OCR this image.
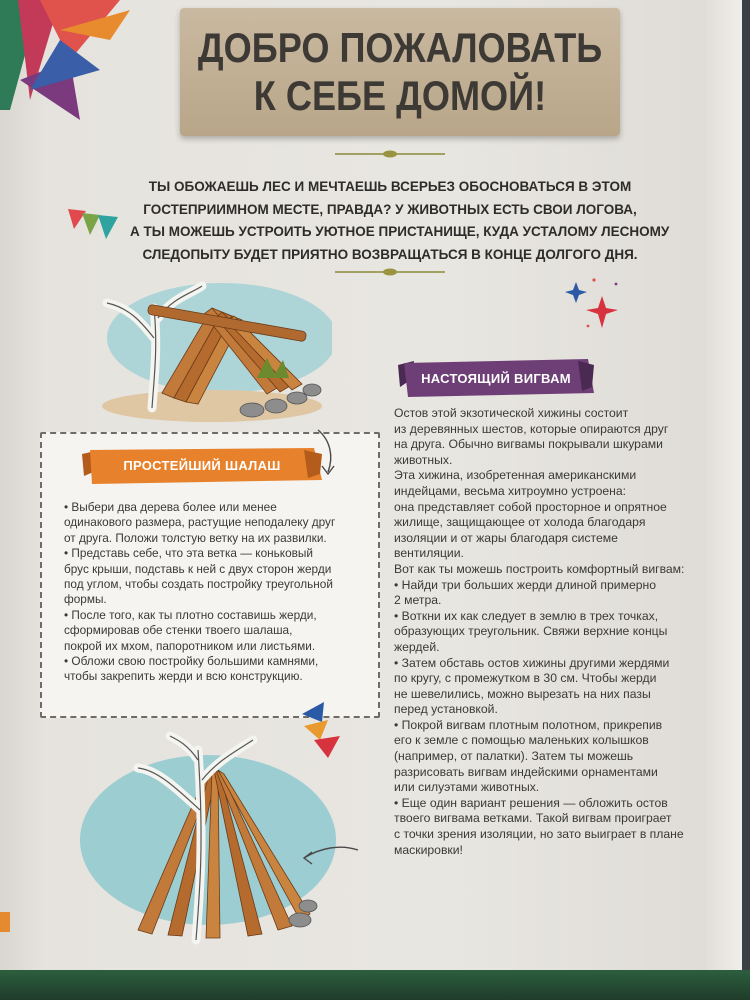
ДОБРО ПОЖАЛОВАТЬ
К СЕБЕ ДОМОЙ!
ТЫ ОБОЖАЕШЬ ЛЕС И МЕЧТАЕШЬ ВСЕРЬЕЗ ОБОСНОВАТЬСЯ В ЭТОМ
ГОСТЕПРИИМНОМ МЕСТЕ, ПРАВДА? У ЖИВОТНЫХ ЕСТЬ СВОИ ЛОГОВА,
А ТЫ МОЖЕШЬ УСТРОИТЬ УЮТНОЕ ПРИСТАНИЩЕ, КУДА УСТАЛОМУ ЛЕСНОМУ
СЛЕДОПЫТУ БУДЕТ ПРИЯТНО ВОЗВРАЩАТЬСЯ В КОНЦЕ ДОЛГОГО ДНЯ.
НАСТОЯЩИЙ ВИГВАМ
Остов этой экзотической хижины состоит
из деревянных шестов, которые опираются друг
на друга. Обычно вигвамы покрывали шкурами
животных.
Эта хижина, изобретенная американскими
индейцами, весьма хитроумно устроена:
она представляет собой просторное и опрятное
жилище, защищающее от холода благодаря
изоляции и от жары благодаря системе
вентиляции.
Вот как ты можешь построить комфортный вигвам:
• Найди три больших жерди длиной примерно
2 метра.
• Воткни их как следует в землю в трех точках,
образующих треугольник. Свяжи верхние концы
жердей.
• Затем обставь остов хижины другими жердями
по кругу, с промежутком в 30 см. Чтобы жерди
не шевелились, можно вырезать на них пазы
перед установкой.
• Покрой вигвам плотным полотном, прикрепив
его к земле с помощью маленьких колышков
(например, от палатки). Затем ты можешь
разрисовать вигвам индейскими орнаментами
или силуэтами животных.
• Еще один вариант решения — обложить остов
твоего вигвама ветками. Такой вигвам проиграет
с точки зрения изоляции, но зато выиграет в плане
маскировки!
ПРОСТЕЙШИЙ ШАЛАШ
• Выбери два дерева более или менее
одинакового размера, растущие неподалеку друг
от друга. Положи толстую ветку на их развилки.
• Представь себе, что эта ветка — коньковый
брус крыши, подставь к ней с двух сторон жерди
под углом, чтобы создать постройку треугольной
формы.
• После того, как ты плотно составишь жерди,
сформировав обе стенки твоего шалаша,
покрой их мхом, папоротником или листьями.
• Обложи свою постройку большими камнями,
чтобы закрепить жерди и всю конструкцию.
